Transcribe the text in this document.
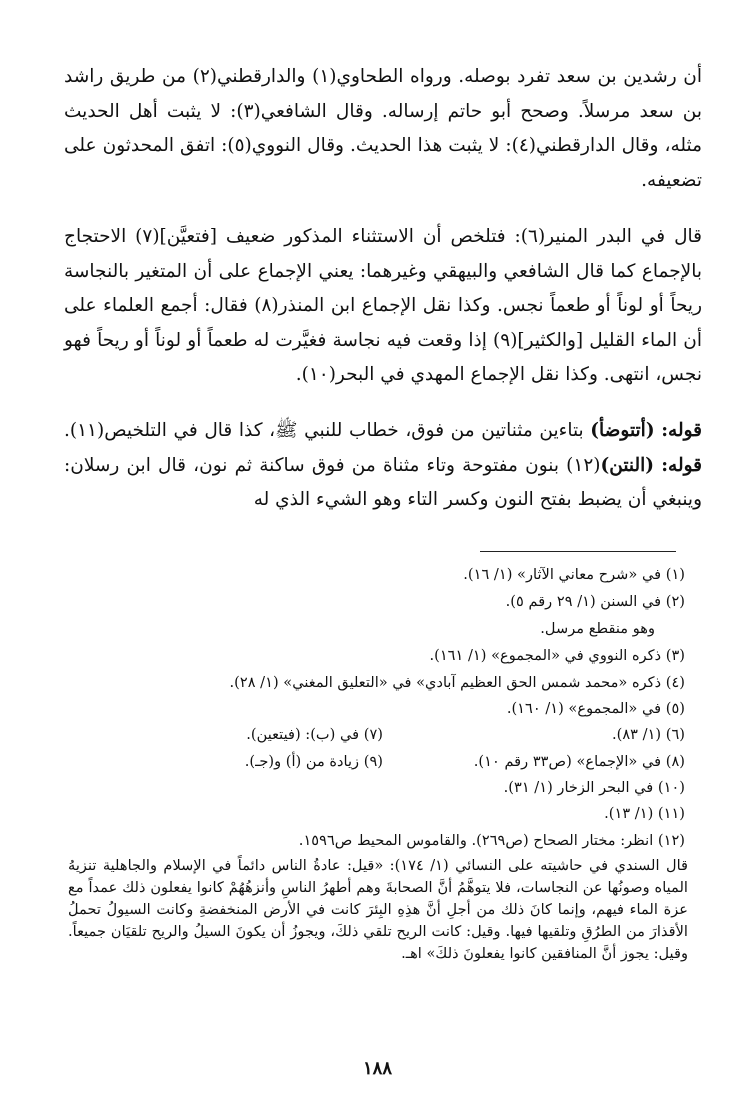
أن رشدين بن سعد تفرد بوصله. ورواه الطحاوي(١) والدارقطني(٢) من طريق راشد بن سعد مرسلاً. وصحح أبو حاتم إرساله. وقال الشافعي(٣): لا يثبت أهل الحديث مثله، وقال الدارقطني(٤): لا يثبت هذا الحديث. وقال النووي(٥): اتفق المحدثون على تضعيفه.

قال في البدر المنير(٦): فتلخص أن الاستثناء المذكور ضعيف [فتعيَّن](٧) الاحتجاج بالإجماع كما قال الشافعي والبيهقي وغيرهما: يعني الإجماع على أن المتغير بالنجاسة ريحاً أو لوناً أو طعماً نجس. وكذا نقل الإجماع ابن المنذر(٨) فقال: أجمع العلماء على أن الماء القليل [والكثير](٩) إذا وقعت فيه نجاسة فغيَّرت له طعماً أو لوناً أو ريحاً فهو نجس، انتهى. وكذا نقل الإجماع المهدي في البحر(١٠).

قوله: (أتتوضأ) بتاءين مثناتين من فوق، خطاب للنبي ﷺ، كذا قال في التلخيص(١١). قوله: (النتن)(١٢) بنون مفتوحة وتاء مثناة من فوق ساكنة ثم نون، قال ابن رسلان: وينبغي أن يضبط بفتح النون وكسر التاء وهو الشيء الذي له

(١) في «شرح معاني الآثار» (١/ ١٦).
(٢) في السنن (١/ ٢٩ رقم ٥).
وهو منقطع مرسل.
(٣) ذكره النووي في «المجموع» (١/ ١٦١).
(٤) ذكره «محمد شمس الحق العظيم آبادي» في «التعليق المغني» (١/ ٢٨).
(٥) في «المجموع» (١/ ١٦٠).
(٦) (١/ ٨٣).
(٧) في (ب): (فيتعين).
(٨) في «الإجماع» (ص٣٣ رقم ١٠).
(٩) زيادة من (أ) و(جـ).
(١٠) في البحر الزخار (١/ ٣١).
(١١) (١/ ١٣).
(١٢) انظر: مختار الصحاح (ص٢٦٩). والقاموس المحيط ص١٥٩٦.
قال السندي في حاشيته على النسائي (١/ ١٧٤): «قيل: عادةُ الناس دائماً في الإسلام والجاهلية تنزيهُ المياه وصونُها عن النجاسات، فلا يتوهَّمُ أنَّ الصحابةَ وهم أطهرُ الناسِ وأنزهُهُمْ كانوا يفعلون ذلك عمداً مع عزة الماء فيهم، وإنما كانَ ذلك من أجلِ أنَّ هذِهِ البِئرَ كانت في الأرض المنخفضةِ وكانت السيولُ تحملُ الأقذارَ من الطرُقِ وتلقيها فيها. وقيل: كانت الريح تلقي ذلكَ، ويجوزُ أن يكونَ السيلُ والريح تلقيَان جميعاً. وقيل: يجوز أنَّ المنافقين كانوا يفعلونَ ذلكَ» اهـ.
١٨٨
